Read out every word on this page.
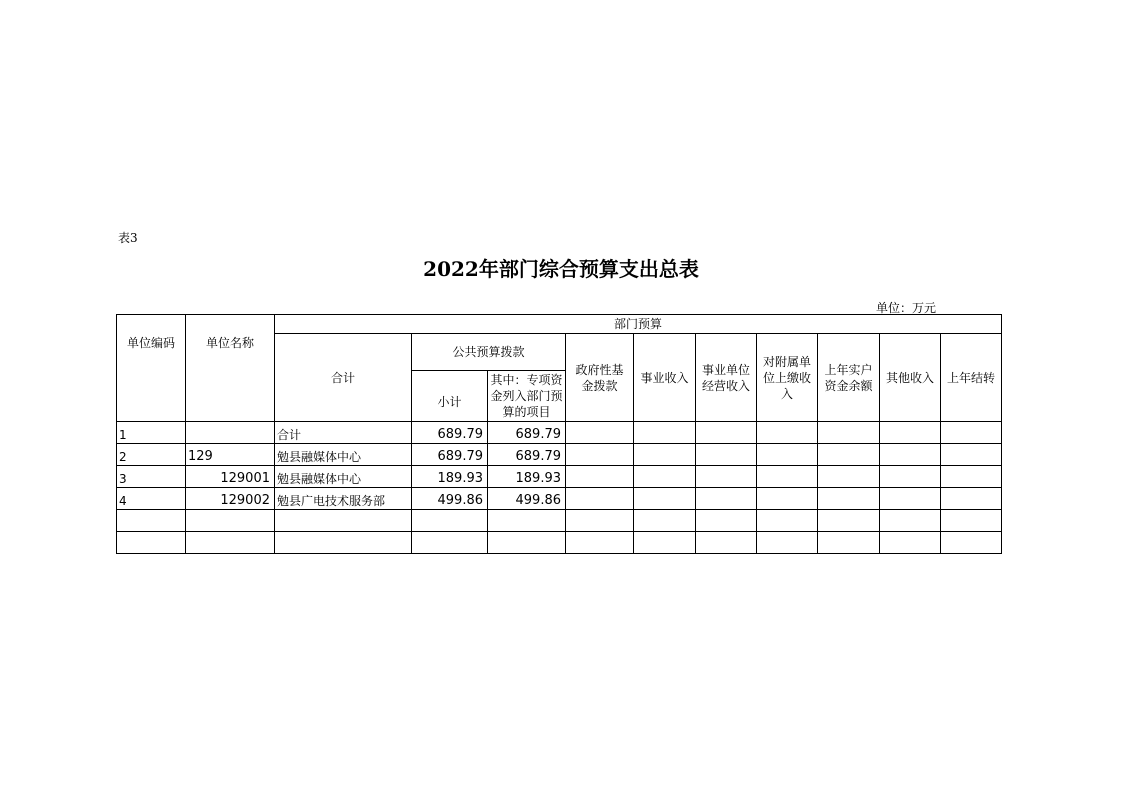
表3
2022年部门综合预算支出总表
单位：万元
单位编码	单位名称	部门预算									
		合计	公共预算拨款		政府性基金拨款	事业收入	事业单位经营收入	对附属单位上缴收入	上年实户资金余额	其他收入	上年结转
			小计	其中：专项资金列入部门预算的项目							
1		合计	689.79	689.79							
2	129	勉县融媒体中心	689.79	689.79							
3	129001	勉县融媒体中心	189.93	189.93							
4	129002	勉县广电技术服务部	499.86	499.86							
